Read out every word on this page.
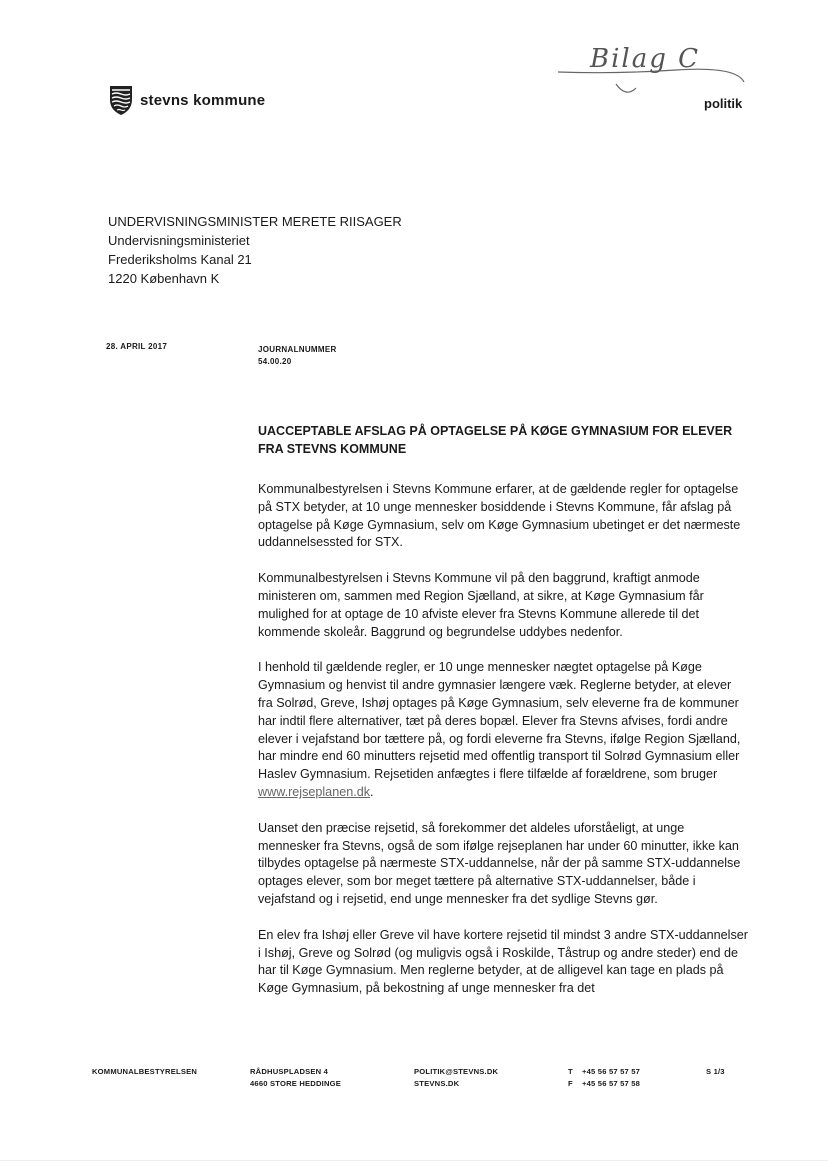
stevns kommune
Bilag C
politik
UNDERVISNINGSMINISTER MERETE RIISAGER
Undervisningsministeriet
Frederiksholms Kanal 21
1220 København K
28. APRIL 2017	JOURNALNUMMER
54.00.20
UACCEPTABLE AFSLAG PÅ OPTAGELSE PÅ KØGE GYMNASIUM FOR ELEVER FRA STEVNS KOMMUNE

Kommunalbestyrelsen i Stevns Kommune erfarer, at de gældende regler for optagelse på STX betyder, at 10 unge mennesker bosiddende i Stevns Kommune, får afslag på optagelse på Køge Gymnasium, selv om Køge Gymnasium ubetinget er det nærmeste uddannelsessted for STX.

Kommunalbestyrelsen i Stevns Kommune vil på den baggrund, kraftigt anmode ministeren om, sammen med Region Sjælland, at sikre, at Køge Gymnasium får mulighed for at optage de 10 afviste elever fra Stevns Kommune allerede til det kommende skoleår. Baggrund og begrundelse uddybes nedenfor.

I henhold til gældende regler, er 10 unge mennesker nægtet optagelse på Køge Gymnasium og henvist til andre gymnasier længere væk. Reglerne betyder, at elever fra Solrød, Greve, Ishøj optages på Køge Gymnasium, selv eleverne fra de kommuner har indtil flere alternativer, tæt på deres bopæl. Elever fra Stevns afvises, fordi andre elever i vejafstand bor tættere på, og fordi eleverne fra Stevns, ifølge Region Sjælland, har mindre end 60 minutters rejsetid med offentlig transport til Solrød Gymnasium eller Haslev Gymnasium. Rejsetiden anfægtes i flere tilfælde af forældrene, som bruger www.rejseplanen.dk.

Uanset den præcise rejsetid, så forekommer det aldeles uforståeligt, at unge mennesker fra Stevns, også de som ifølge rejseplanen har under 60 minutter, ikke kan tilbydes optagelse på nærmeste STX-uddannelse, når der på samme STX-uddannelse optages elever, som bor meget tættere på alternative STX-uddannelser, både i vejafstand og i rejsetid, end unge mennesker fra det sydlige Stevns gør.

En elev fra Ishøj eller Greve vil have kortere rejsetid til mindst 3 andre STX-uddannelser i Ishøj, Greve og Solrød (og muligvis også i Roskilde, Tåstrup og andre steder) end de har til Køge Gymnasium. Men reglerne betyder, at de alligevel kan tage en plads på Køge Gymnasium, på bekostning af unge mennesker fra det

KOMMUNALBESTYRELSEN	RÅDHUSPLADSEN 4
4660 STORE HEDDINGE
POLITIK@STEVNS.DK
STEVNS.DK
T +45 56 57 57 57
F +45 56 57 57 58
S 1/3
